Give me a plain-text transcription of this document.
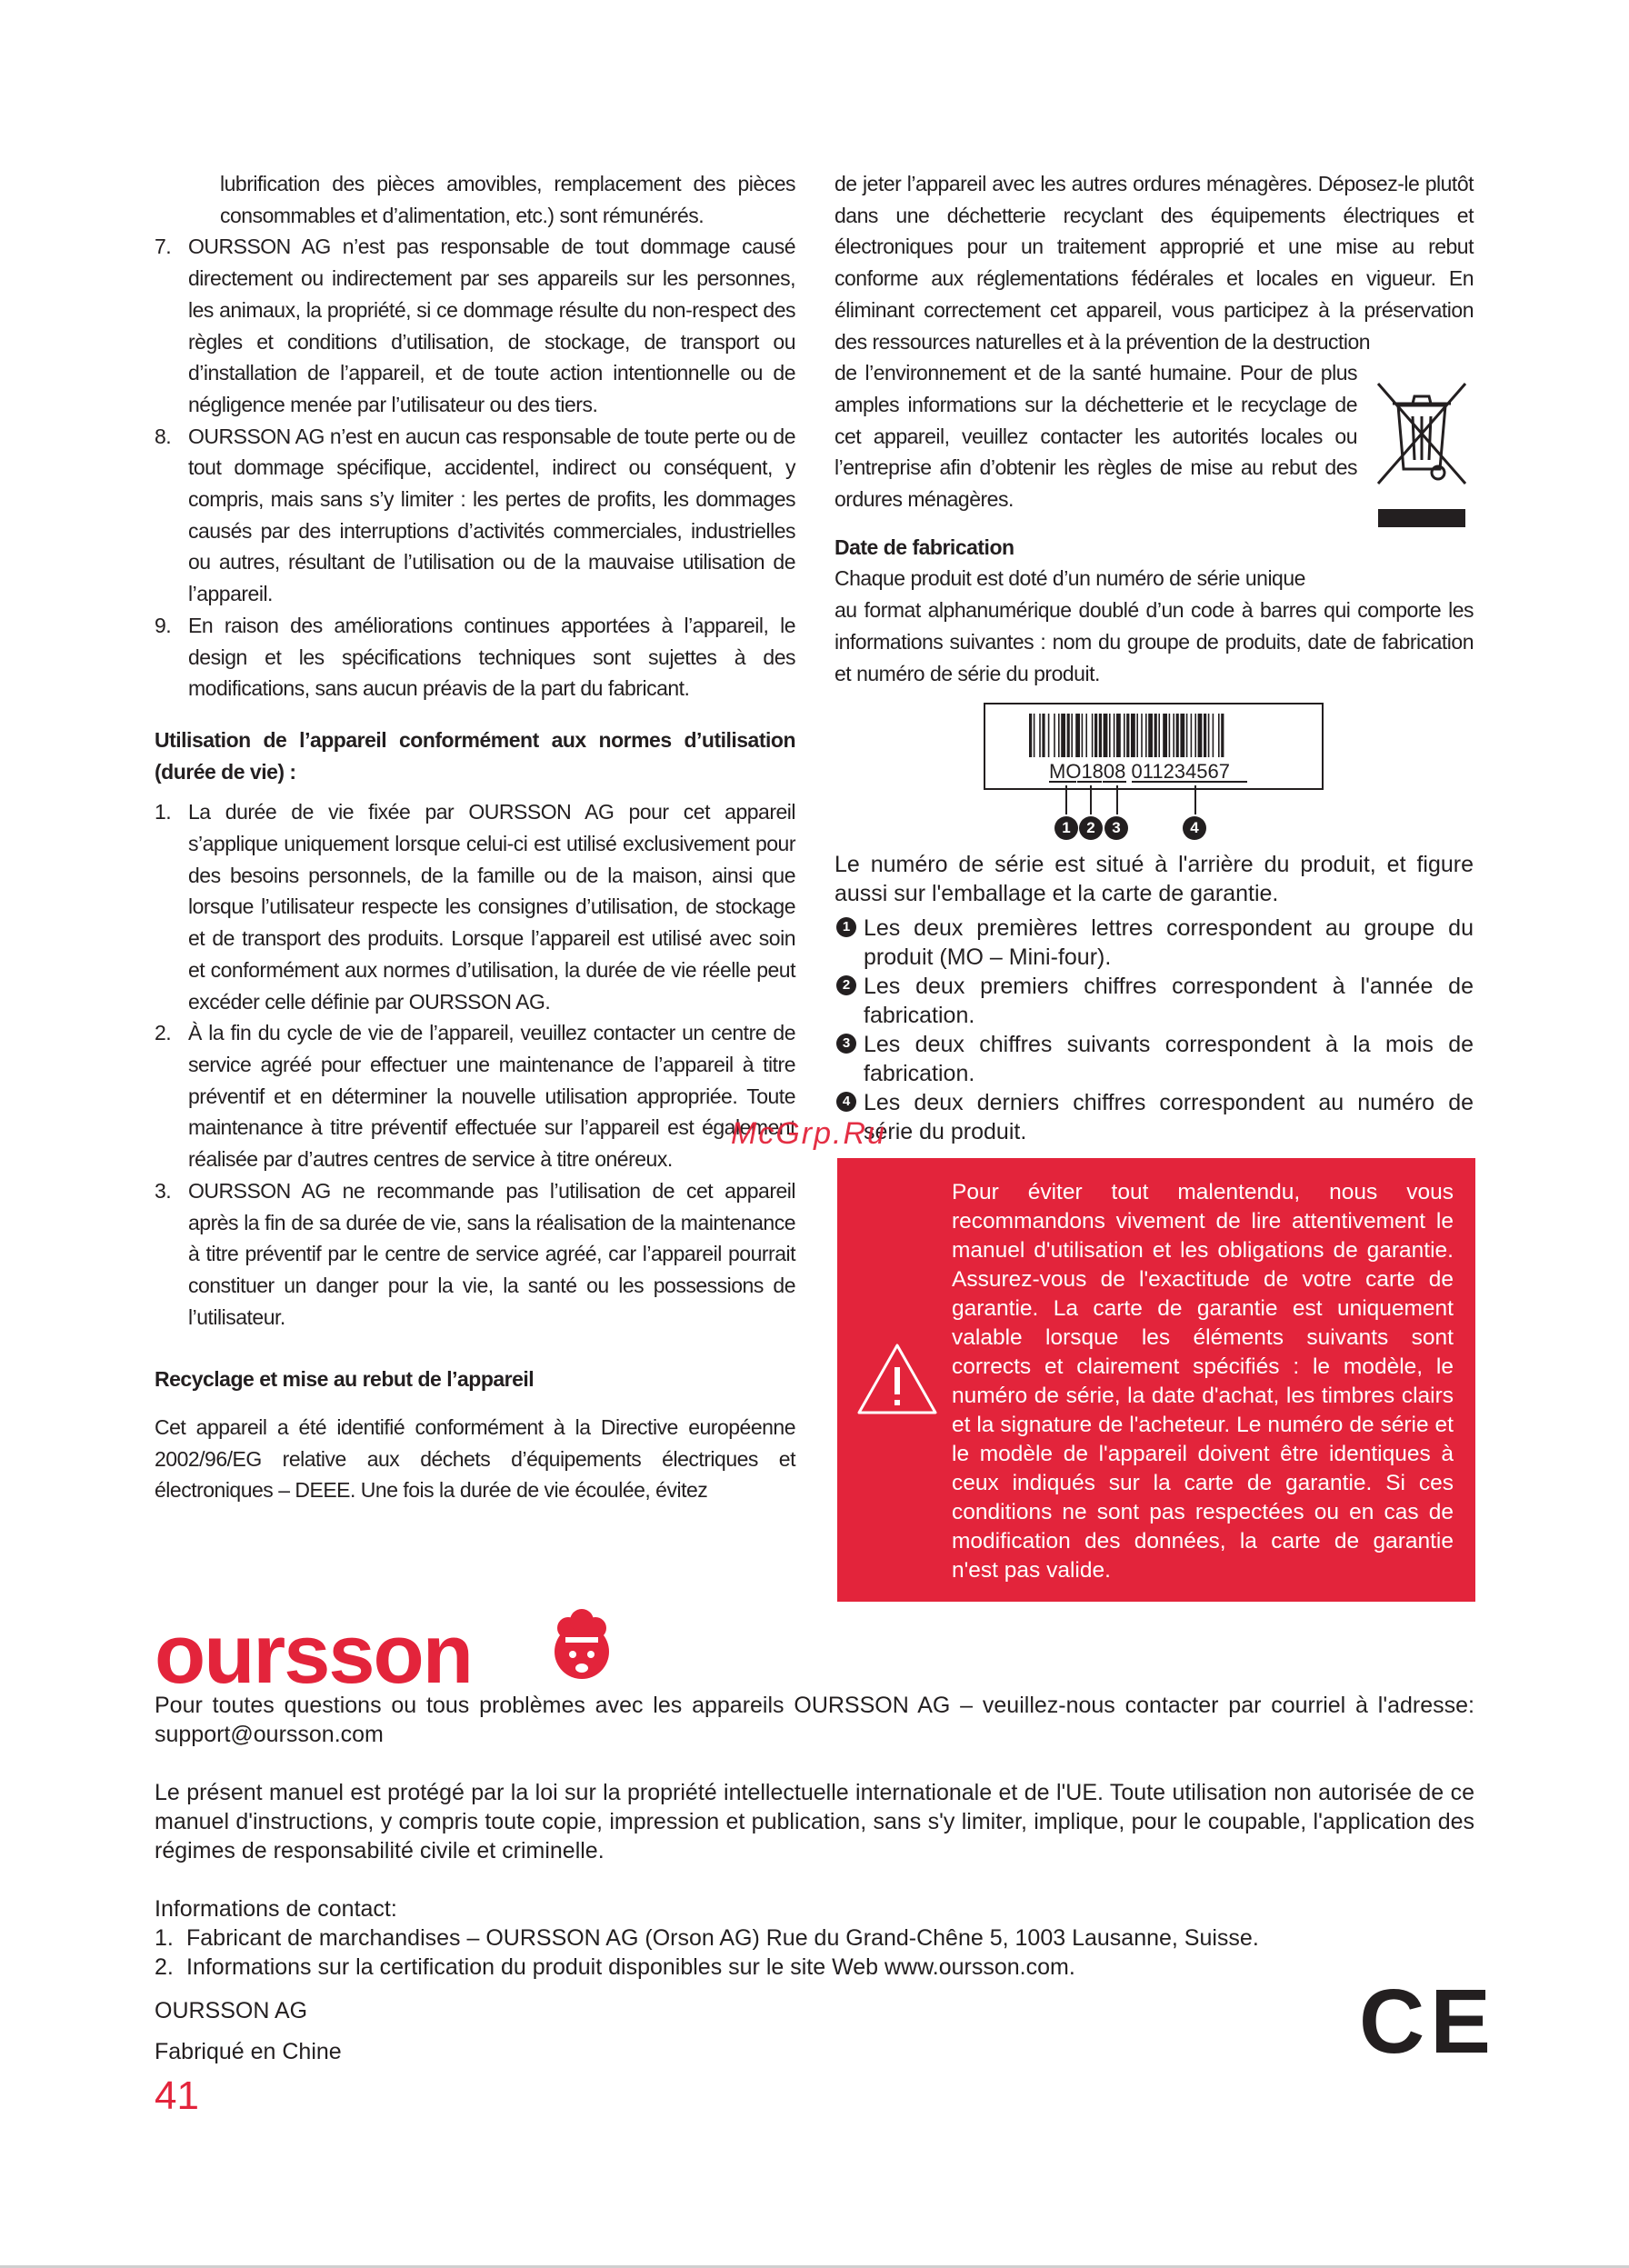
lubrification des pièces amovibles, remplacement des pièces consommables et d’alimentation, etc.) sont rémunérés.

7. OURSSON AG n’est pas responsable de tout dommage causé directement ou indirectement par ses appareils sur les personnes, les animaux, la propriété, si ce dommage résulte du non-respect des règles et conditions d’utilisation, de stockage, de transport ou d’installation de l’appareil, et de toute action intentionnelle ou de négligence menée par l’utilisateur ou des tiers.
8. OURSSON AG n’est en aucun cas responsable de toute perte ou de tout dommage spécifique, accidentel, indirect ou conséquent, y compris, mais sans s’y limiter : les pertes de profits, les dommages causés par des interruptions d’activités commerciales, industrielles ou autres, résultant de l’utilisation ou de la mauvaise utilisation de l’appareil.
9. En raison des améliorations continues apportées à l’appareil, le design et les spécifications techniques sont sujettes à des modifications, sans aucun préavis de la part du fabricant.

Utilisation de l’appareil conformément aux normes d’utilisation (durée de vie) :

1. La durée de vie fixée par OURSSON AG pour cet appareil s’applique uniquement lorsque celui-ci est utilisé exclusivement pour des besoins personnels, de la famille ou de la maison, ainsi que lorsque l’utilisateur respecte les consignes d’utilisation, de stockage et de transport des produits. Lorsque l’appareil est utilisé avec soin et conformément aux normes d’utilisation, la durée de vie réelle peut excéder celle définie par OURSSON AG.
2. À la fin du cycle de vie de l’appareil, veuillez contacter un centre de service agréé pour effectuer une maintenance de l’appareil à titre préventif et en déterminer la nouvelle utilisation appropriée. Toute maintenance à titre préventif effectuée sur l’appareil est également réalisée par d’autres centres de service à titre onéreux.
3. OURSSON AG ne recommande pas l’utilisation de cet appareil après la fin de sa durée de vie, sans la réalisation de la maintenance à titre préventif par le centre de service agréé, car l’appareil pourrait constituer un danger pour la vie, la santé ou les possessions de l’utilisateur.

Recyclage et mise au rebut de l’appareil

Cet appareil a été identifié conformément à la Directive européenne 2002/96/EG relative aux déchets d’équipements électriques et électroniques – DEEE. Une fois la durée de vie écoulée, évitez

de jeter l’appareil avec les autres ordures ménagères. Déposez-le plutôt dans une déchetterie recyclant des équipements électriques et électroniques pour un traitement approprié et une mise au rebut conforme aux réglementations fédérales et locales en vigueur. En éliminant correctement cet appareil, vous participez à la préservation des ressources naturelles et à la prévention de la destruction

de l’environnement et de la santé humaine. Pour de plus amples informations sur la déchetterie et le recyclage de cet appareil, veuillez contacter les autorités locales ou l’entreprise afin d’obtenir les règles de mise au rebut des ordures ménagères.

Date de fabrication

Chaque produit est doté d’un numéro de série unique

au format alphanumérique doublé d’un code à barres qui comporte les informations suivantes : nom du groupe de produits, date de fabrication et numéro de série du produit.

MO1808 011234567
1	2	3	4

Le numéro de série est situé à l'arrière du produit, et figure aussi sur l'emballage et la carte de garantie.

1 Les deux premières lettres correspondent au groupe du produit (MO – Mini-four).
2 Les deux premiers chiffres correspondent à l'année de fabrication.
3 Les deux chiffres suivants correspondent à la mois de fabrication.
4 Les deux derniers chiffres correspondent au numéro de série du produit.
McGrp.Ru
Pour éviter tout malentendu, nous vous recommandons vivement de lire attentivement le manuel d'utilisation et les obligations de garantie. Assurez-vous de l'exactitude de votre carte de garantie. La carte de garantie est uniquement valable lorsque les éléments suivants sont corrects et clairement spécifiés : le modèle, le numéro de série, la date d'achat, les timbres clairs et la signature de l'acheteur. Le numéro de série et le modèle de l'appareil doivent être identiques à ceux indiqués sur la carte de garantie. Si ces conditions ne sont pas respectées ou en cas de modification des données, la carte de garantie n'est pas valide.
oursson
Pour toutes questions ou tous problèmes avec les appareils OURSSON AG – veuillez-nous contacter par courriel à l'adresse: support@oursson.com
Le présent manuel est protégé par la loi sur la propriété intellectuelle internationale et de l'UE. Toute utilisation non autorisée de ce manuel d'instructions, y compris toute copie, impression et publication, sans s'y limiter, implique, pour le coupable, l'application des régimes de responsabilité civile et criminelle.

Informations de contact:

1. Fabricant de marchandises – OURSSON AG (Orson AG) Rue du Grand-Chêne 5, 1003 Lausanne, Suisse.
2. Informations sur la certification du produit disponibles sur le site Web www.oursson.com.
OURSSON AG
Fabriqué en Chine
41
CE
